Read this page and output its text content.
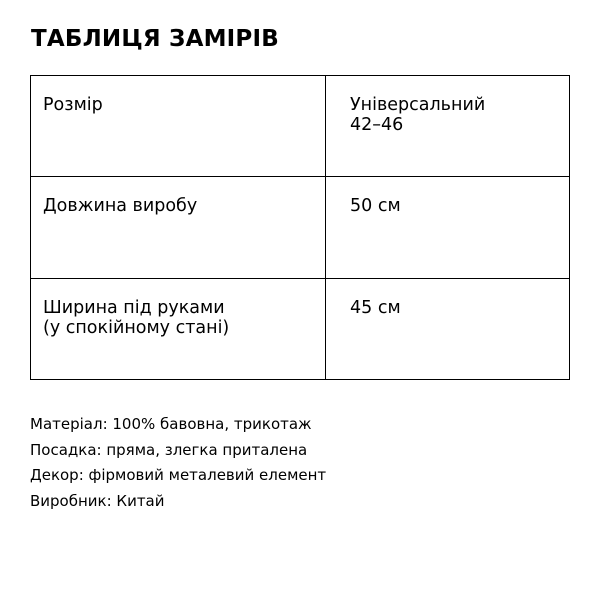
ТАБЛИЦЯ ЗАМІРІВ
Розмір	Універсальний
42–46

Довжина виробу	50 см

Ширина під руками
(у спокійному стані)	45 см
Матеріал: 100% бавовна, трикотаж
Посадка: пряма, злегка приталена
Декор: фірмовий металевий елемент
Виробник: Китай
